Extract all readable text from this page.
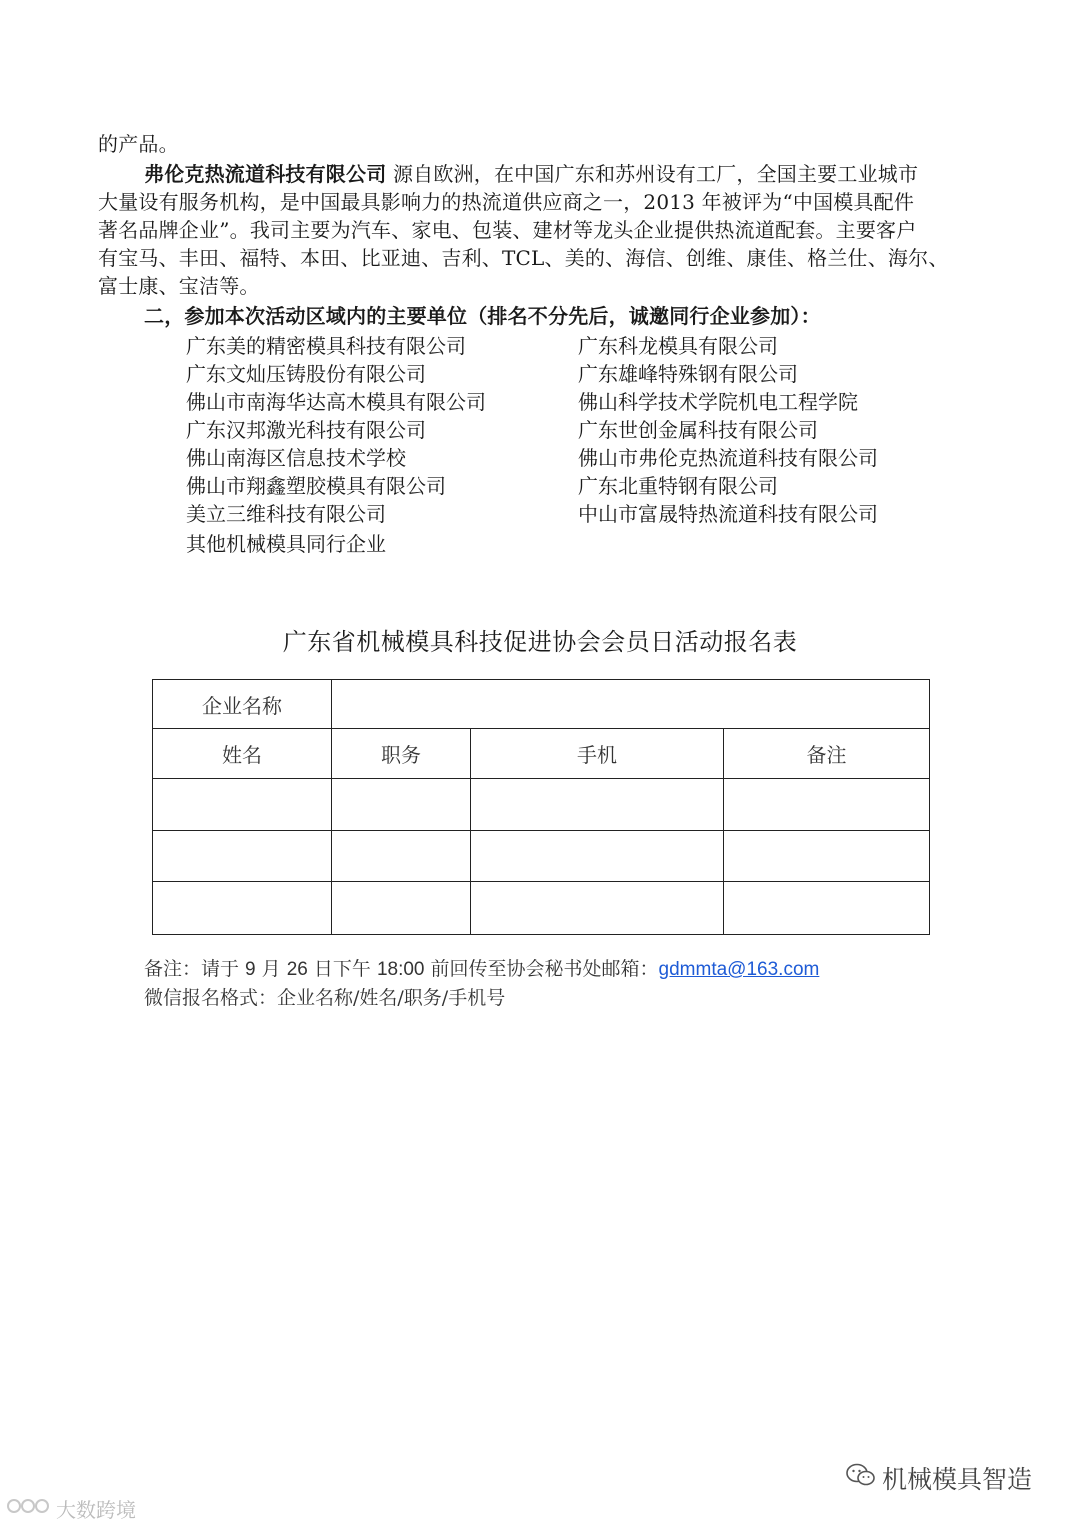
的产品。
弗伦克热流道科技有限公司 源自欧洲，在中国广东和苏州设有工厂，全国主要工业城市
大量设有服务机构，是中国最具影响力的热流道供应商之一，2013 年被评为“中国模具配件
著名品牌企业”。我司主要为汽车、家电、包装、建材等龙头企业提供热流道配套。主要客户
有宝马、丰田、福特、本田、比亚迪、吉利、TCL、美的、海信、创维、康佳、格兰仕、海尔、
富士康、宝洁等。
二，参加本次活动区域内的主要单位（排名不分先后，诚邀同行企业参加）：
广东美的精密模具科技有限公司
广东文灿压铸股份有限公司
佛山市南海华达高木模具有限公司
广东汉邦激光科技有限公司
佛山南海区信息技术学校
佛山市翔鑫塑胶模具有限公司
美立三维科技有限公司
其他机械模具同行企业
广东科龙模具有限公司
广东雄峰特殊钢有限公司
佛山科学技术学院机电工程学院
广东世创金属科技有限公司
佛山市弗伦克热流道科技有限公司
广东北重特钢有限公司
中山市富晟特热流道科技有限公司
广东省机械模具科技促进协会会员日活动报名表
企业名称			
姓名	职务	手机	备注

备注：请于 9 月 26 日下午 18:00 前回传至协会秘书处邮箱：gdmmta@163.com
微信报名格式：企业名称/姓名/职务/手机号
机械模具智造
大数跨境
